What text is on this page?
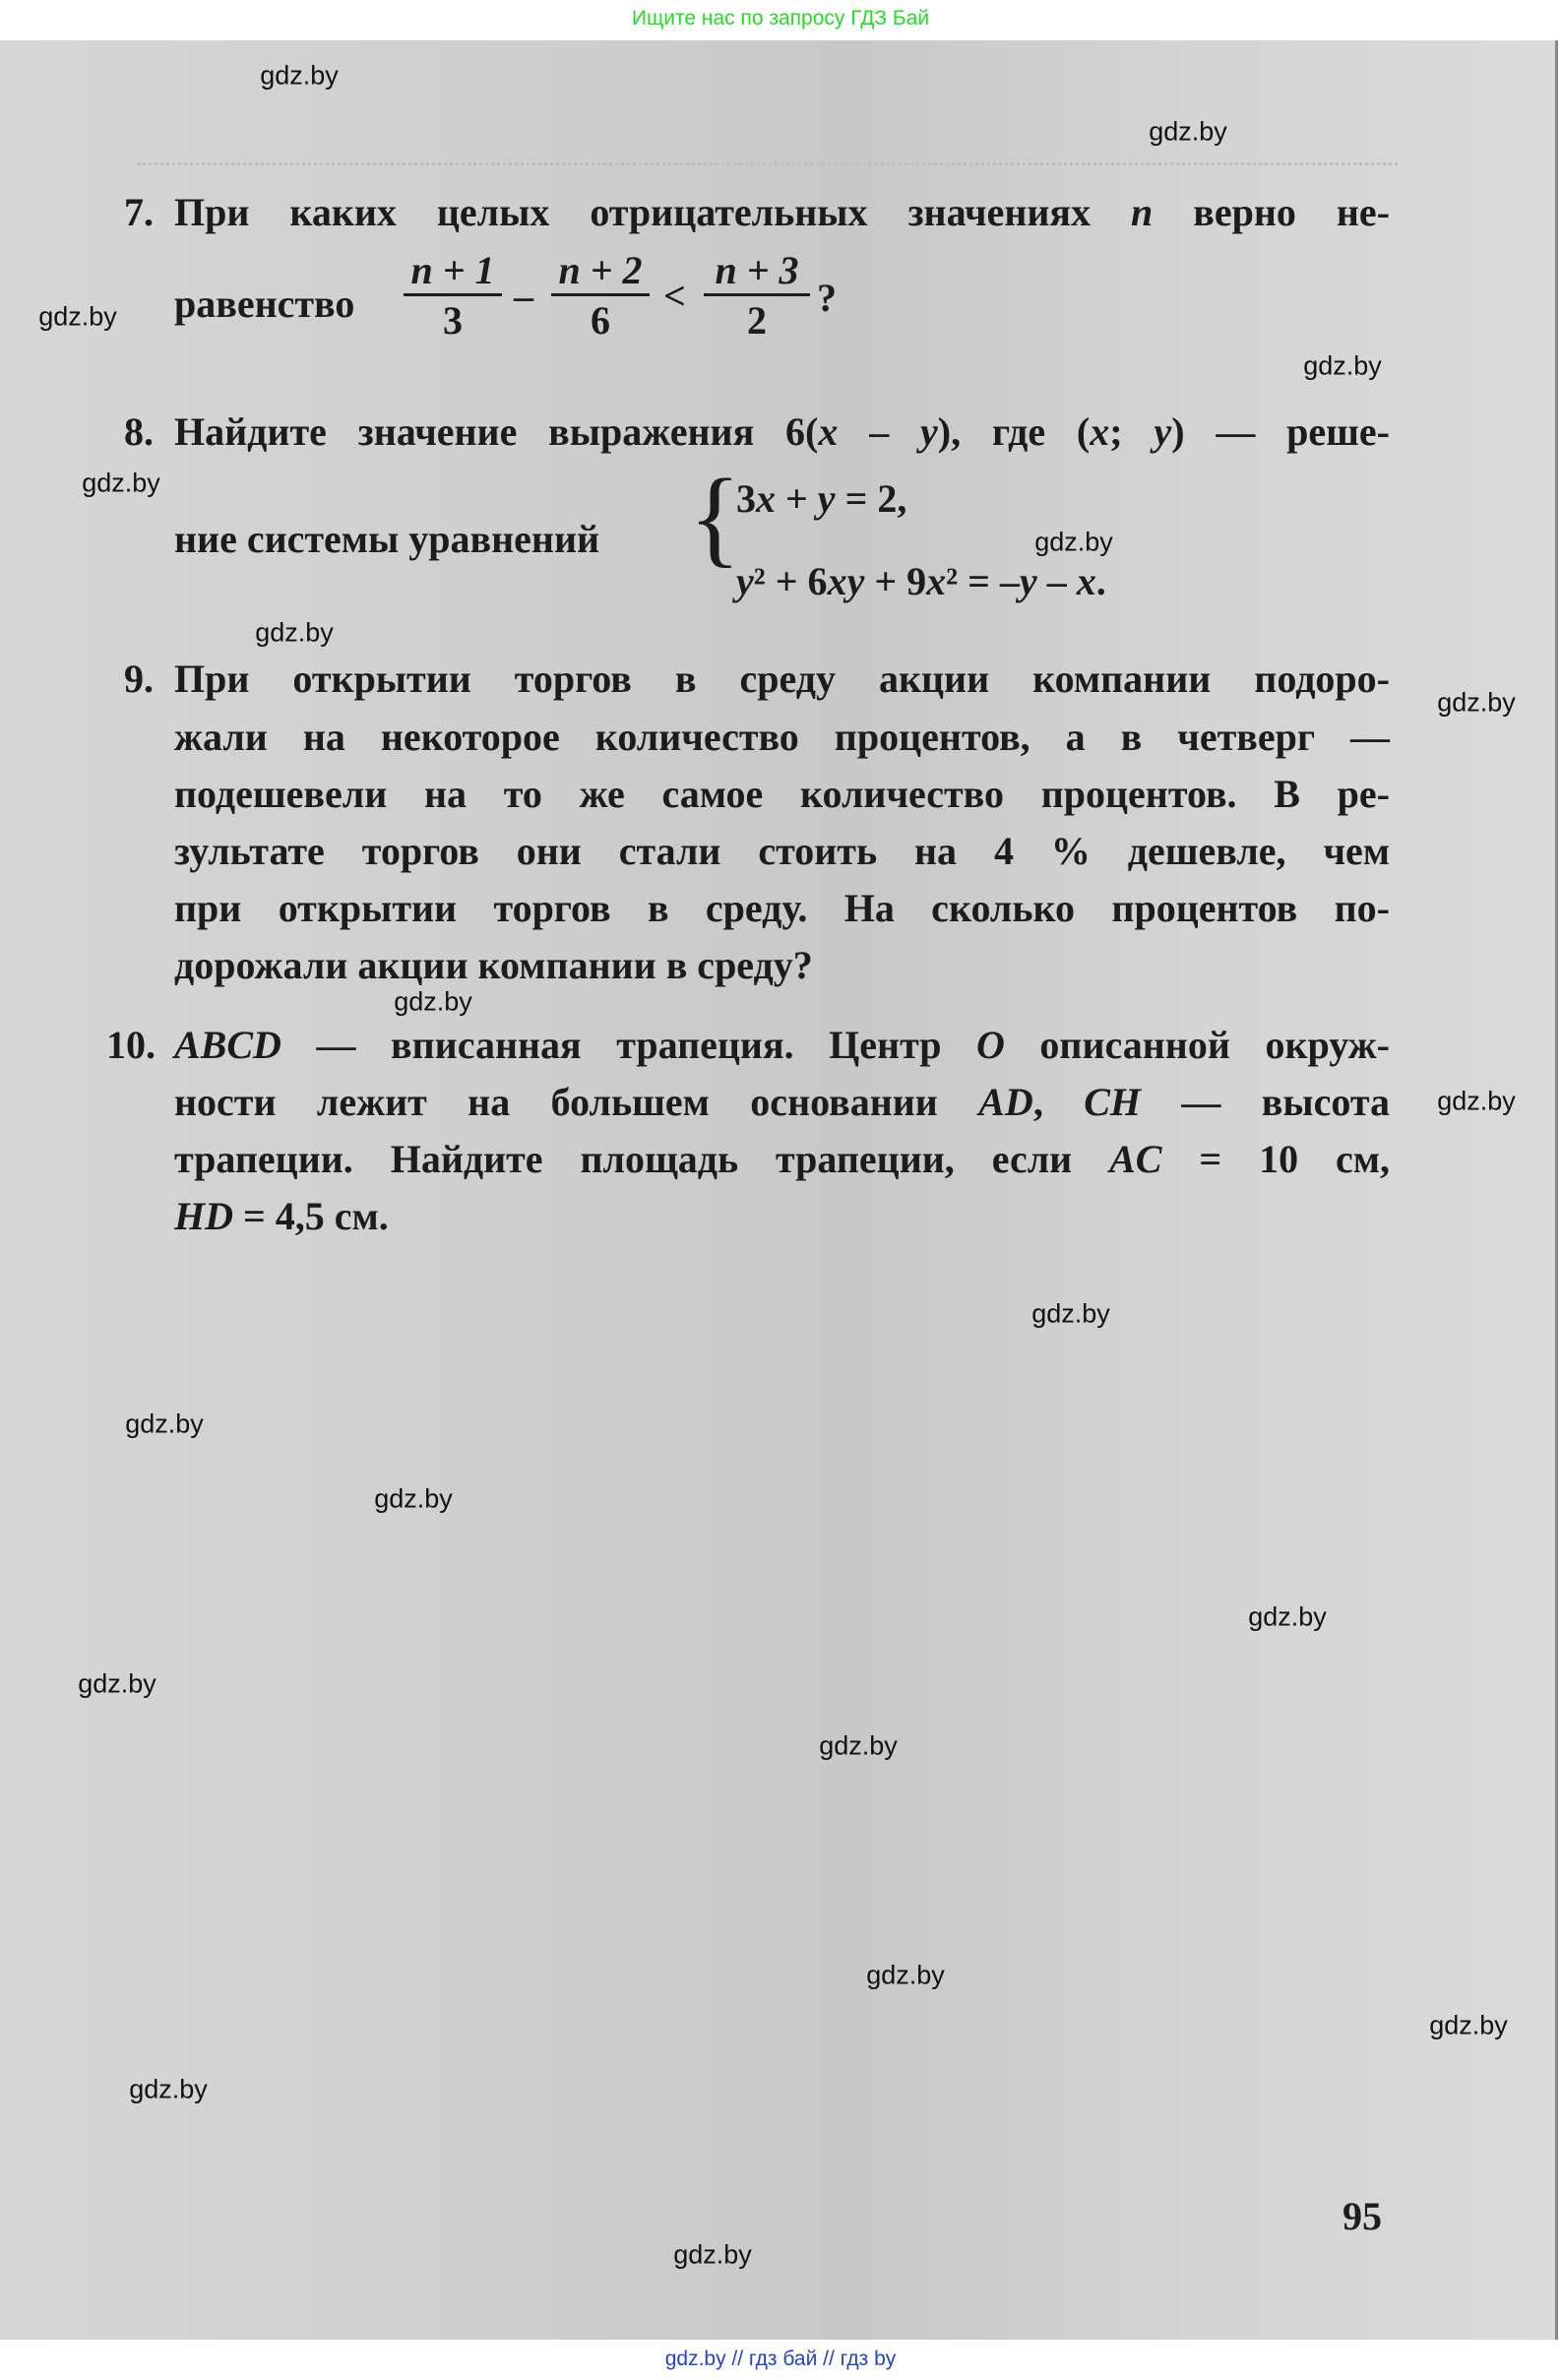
Ищите нас по запросу ГДЗ Бай
7. При каких целых отрицательных значениях n верно не-
равенство $\frac{n + 1}{3} - \frac{n + 2}{6} < \frac{n + 3}{2}$ ?
8. Найдите значение выражения 6(x – y), где (x; y) — реше-
ние системы уравнений {
3x + y = 2,
y² + 6xy + 9x² = –y – x.
9. При открытии торгов в среду акции компании подоро-
жали на некоторое количество процентов, а в четверг —
подешевели на то же самое количество процентов. В ре-
зультате торгов они стали стоить на 4 % дешевле, чем
при открытии торгов в среду. На сколько процентов по-
дорожали акции компании в среду?
10. ABCD — вписанная трапеция. Центр O описанной окруж-
ности лежит на большем основании AD, CH — высота
трапеции. Найдите площадь трапеции, если AC = 10 см,
HD = 4,5 см.
95
gdz.by
gdz.by
gdz.by
gdz.by
gdz.by
gdz.by
gdz.by
gdz.by
gdz.by
gdz.by
gdz.by
gdz.by
gdz.by
gdz.by
gdz.by
gdz.by
gdz.by
gdz.by
gdz.by
gdz.by
gdz.by // гдз бай // гдз by
